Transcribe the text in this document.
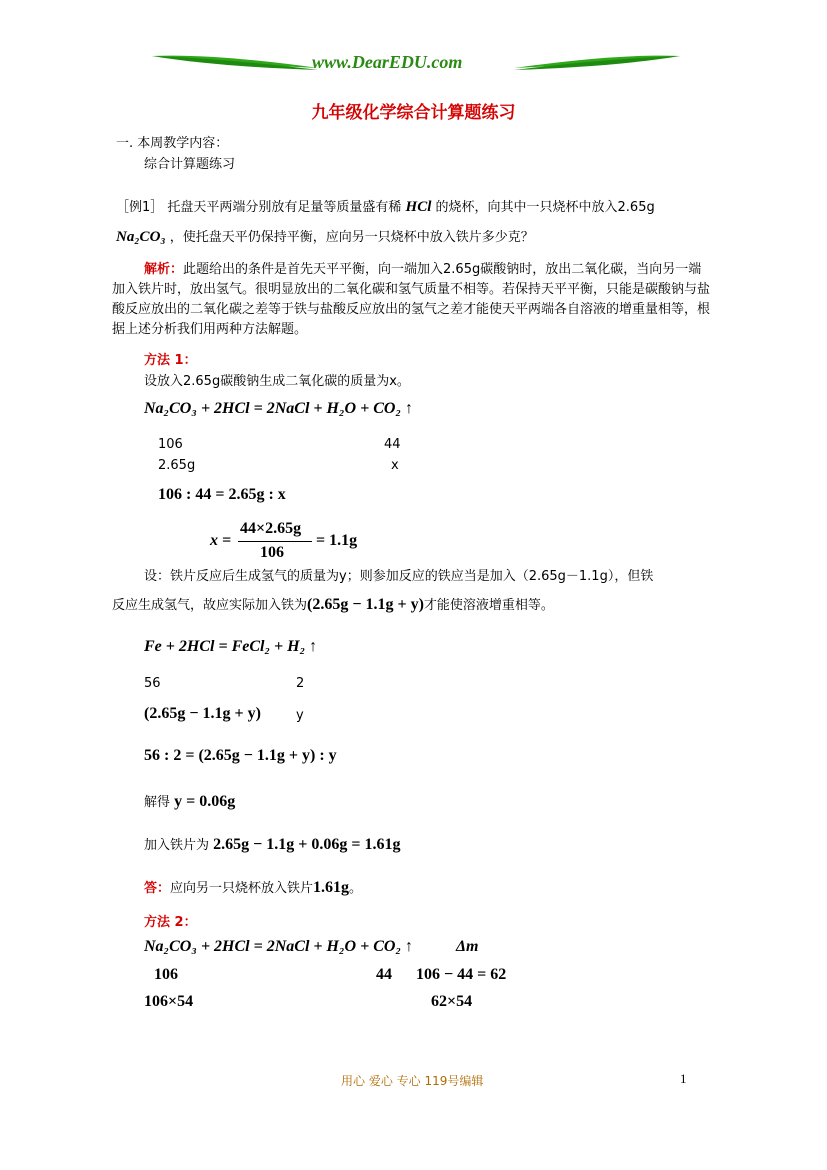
www.DearEDU.com
九年级化学综合计算题练习
一. 本周教学内容：
综合计算题练习
［例1］ 托盘天平两端分别放有足量等质量盛有稀 HCl 的烧杯，向其中一只烧杯中放入2.65g
Na₂CO₃ ，使托盘天平仍保持平衡，应向另一只烧杯中放入铁片多少克？
解析：此题给出的条件是首先天平平衡，向一端加入2.65g碳酸钠时，放出二氧化碳，当向另一端加入铁片时，放出氢气。很明显放出的二氧化碳和氢气质量不相等。若保持天平平衡，只能是碳酸钠与盐酸反应放出的二氧化碳之差等于铁与盐酸反应放出的氢气之差才能使天平两端各自溶液的增重量相等，根据上述分析我们用两种方法解题。
方法 1：
设放入2.65g碳酸钠生成二氧化碳的质量为x。
Na₂CO₃ + 2HCl = 2NaCl + H₂O + CO₂ ↑
106	44
2.65g	x
106 : 44 = 2.65g : x
x =
44×2.65g
106
= 1.1g
设：铁片反应后生成氢气的质量为y；则参加反应的铁应当是加入（2.65g－1.1g），但铁
反应生成氢气，故应实际加入铁为(2.65g − 1.1g + y)才能使溶液增重相等。
Fe + 2HCl = FeCl₂ + H₂ ↑
56	2
(2.65g − 1.1g + y)	y
56 : 2 = (2.65g − 1.1g + y) : y
解得 y = 0.06g
加入铁片为 2.65g − 1.1g + 0.06g = 1.61g
答：应向另一只烧杯放入铁片1.61g。
方法 2：
Na₂CO₃ + 2HCl = 2NaCl + H₂O + CO₂ ↑	Δm
106	44 106 − 44 = 62
106×54	62×54
用心 爱心 专心 119号编辑	1
